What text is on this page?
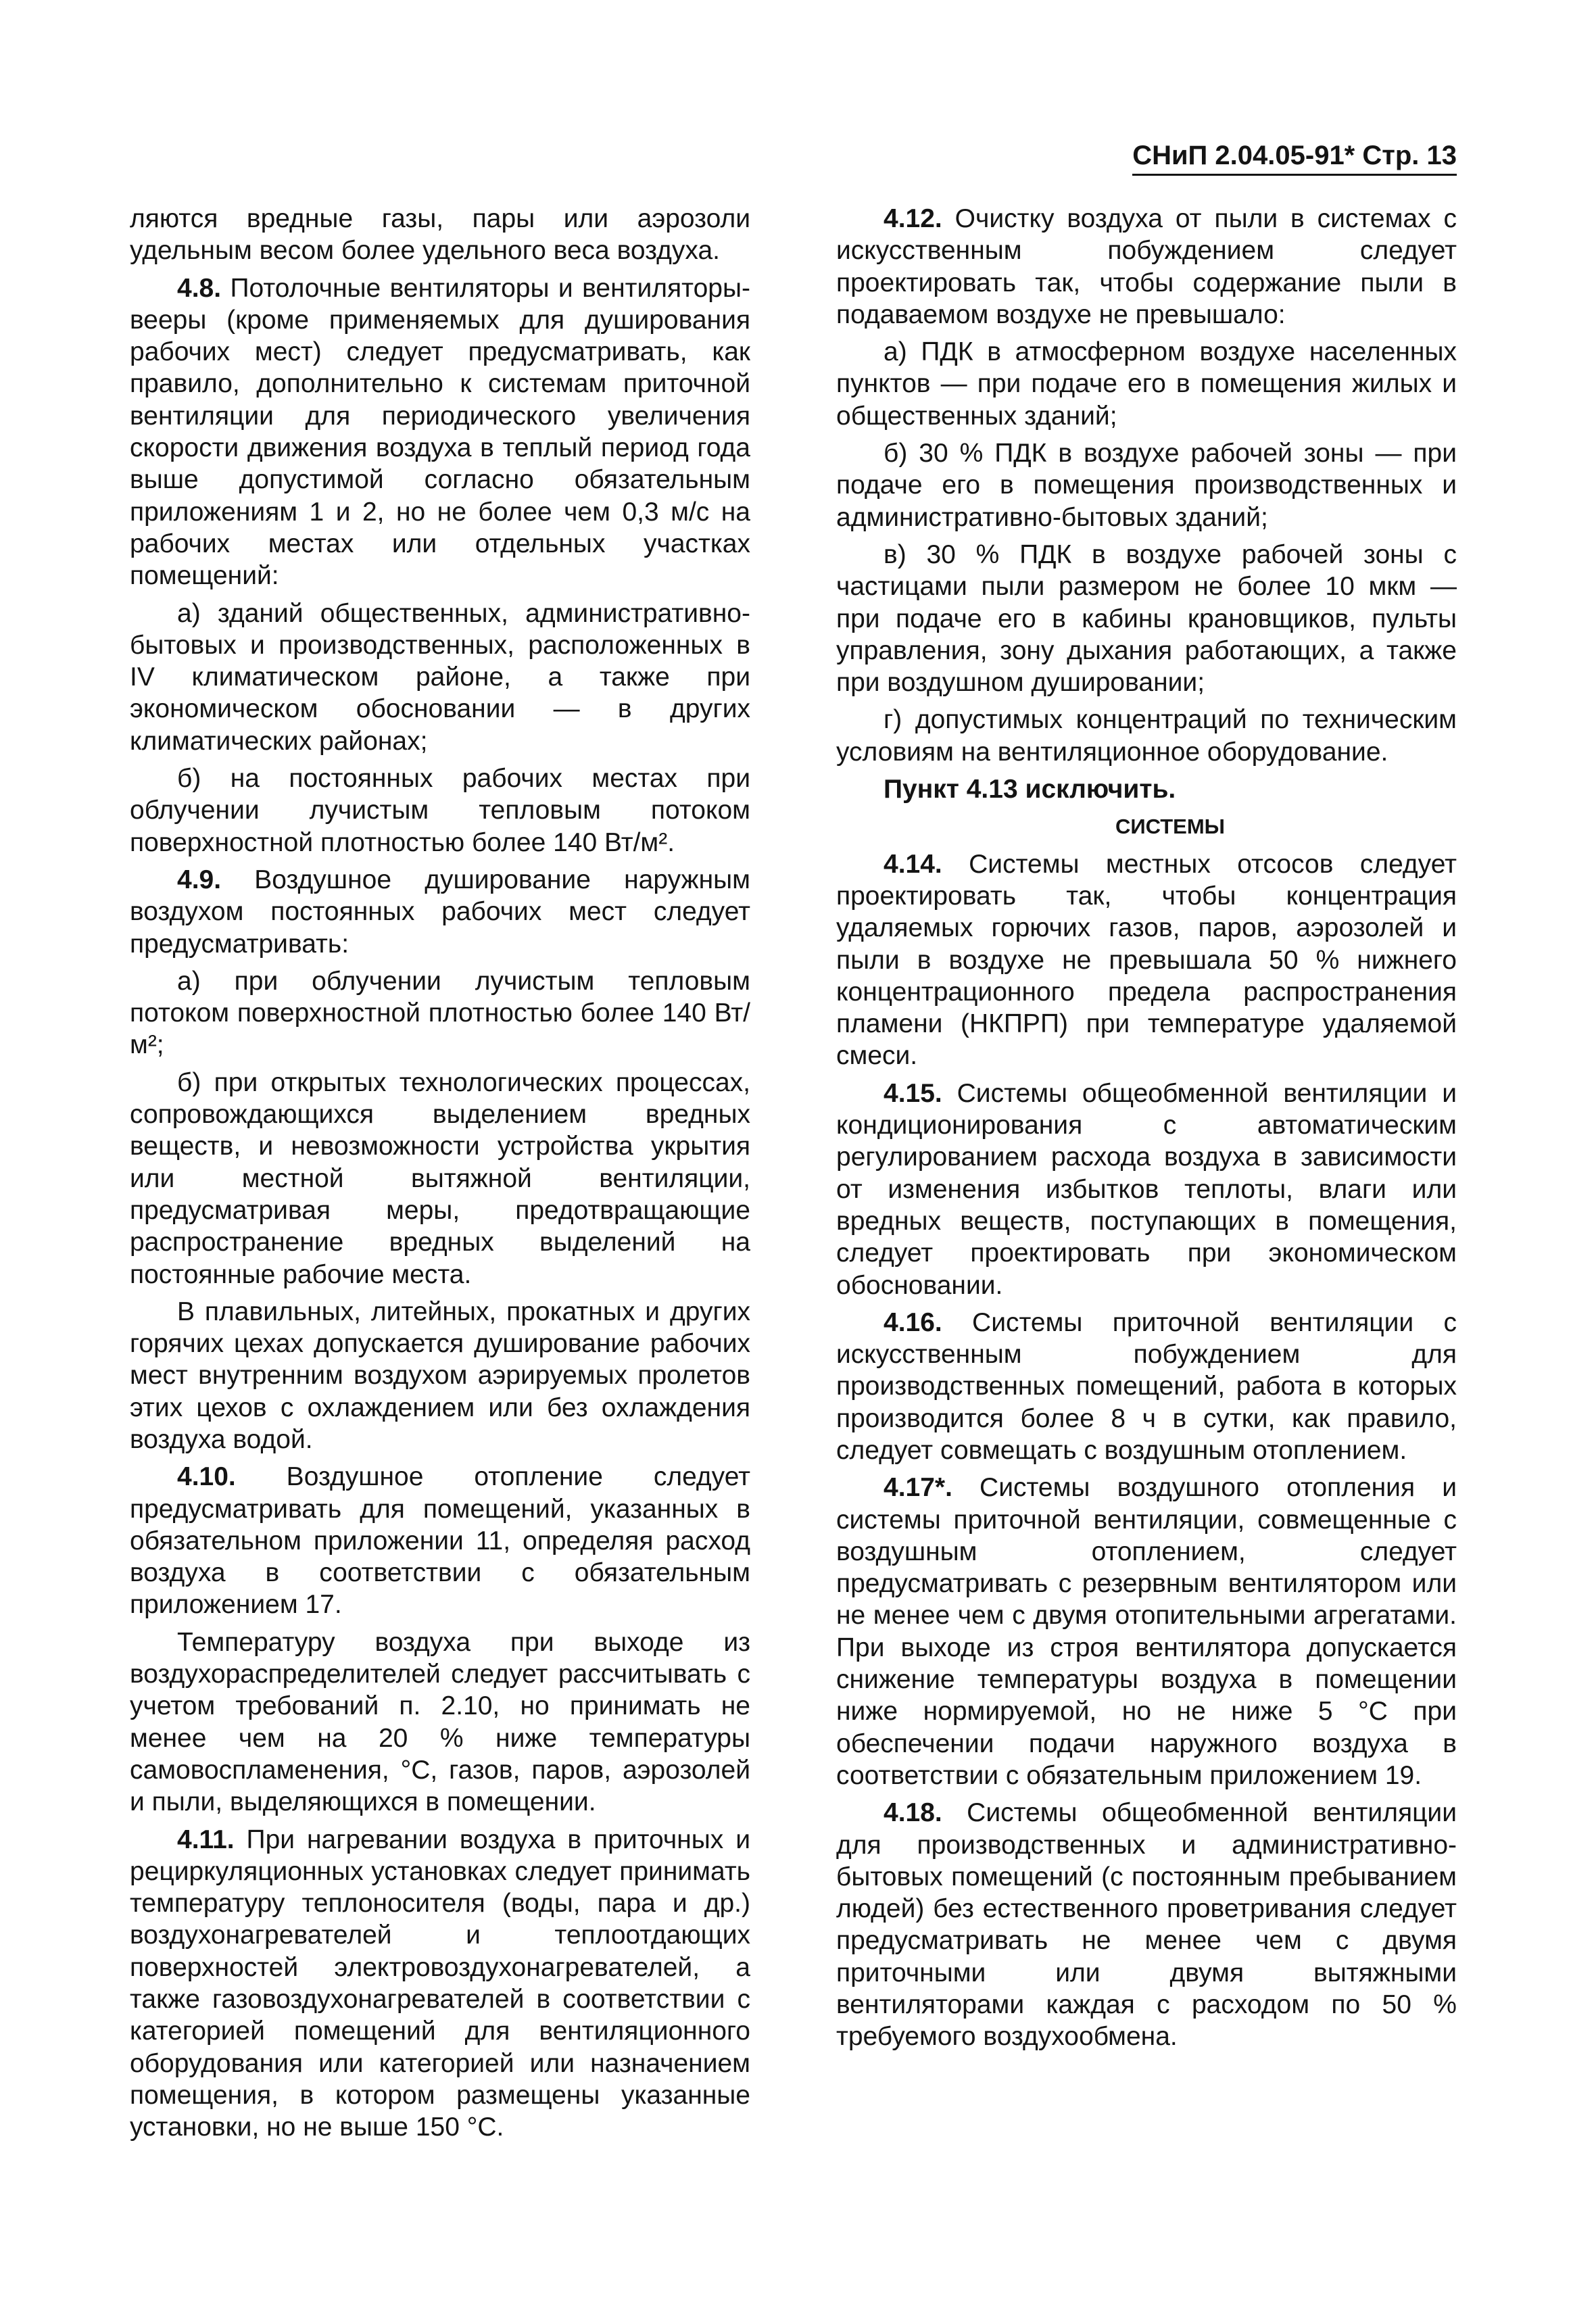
СНиП 2.04.05-91* Стр. 13

ляются вредные газы, пары или аэрозоли удельным весом более удельного веса воздуха.

4.8. Потолочные вентиляторы и вентиляторы-вееры (кроме применяемых для душирования рабочих мест) следует предусматривать, как правило, дополнительно к системам приточной вентиляции для периодического увеличения скорости движения воздуха в теплый период года выше допустимой согласно обязательным приложениям 1 и 2, но не более чем 0,3 м/с на рабочих местах или отдельных участках помещений:

а) зданий общественных, административно-бытовых и производственных, расположенных в IV климатическом районе, а также при экономическом обосновании — в других климатических районах;

б) на постоянных рабочих местах при облучении лучистым тепловым потоком поверхностной плотностью более 140 Вт/м².

4.9. Воздушное душирование наружным воздухом постоянных рабочих мест следует предусматривать:

а) при облучении лучистым тепловым потоком поверхностной плотностью более 140 Вт/м²;

б) при открытых технологических процессах, сопровождающихся выделением вредных веществ, и невозможности устройства укрытия или местной вытяжной вентиляции, предусматривая меры, предотвращающие распространение вредных выделений на постоянные рабочие места.

В плавильных, литейных, прокатных и других горячих цехах допускается душирование рабочих мест внутренним воздухом аэрируемых пролетов этих цехов с охлаждением или без охлаждения воздуха водой.

4.10. Воздушное отопление следует предусматривать для помещений, указанных в обязательном приложении 11, определяя расход воздуха в соответствии с обязательным приложением 17.

Температуру воздуха при выходе из воздухораспределителей следует рассчитывать с учетом требований п. 2.10, но принимать не менее чем на 20 % ниже температуры самовоспламенения, °С, газов, паров, аэрозолей и пыли, выделяющихся в помещении.

4.11. При нагревании воздуха в приточных и рециркуляционных установках следует принимать температуру теплоносителя (воды, пара и др.) воздухонагревателей и теплоотдающих поверхностей электровоздухонагревателей, а также газовоздухонагревателей в соответствии с категорией помещений для вентиляционного оборудования или категорией или назначением помещения, в котором размещены указанные установки, но не выше 150 °С.

4.12. Очистку воздуха от пыли в системах с искусственным побуждением следует проектировать так, чтобы содержание пыли в подаваемом воздухе не превышало:

а) ПДК в атмосферном воздухе населенных пунктов — при подаче его в помещения жилых и общественных зданий;

б) 30 % ПДК в воздухе рабочей зоны — при подаче его в помещения производственных и административно-бытовых зданий;

в) 30 % ПДК в воздухе рабочей зоны с частицами пыли размером не более 10 мкм — при подаче его в кабины крановщиков, пульты управления, зону дыхания работающих, а также при воздушном душировании;

г) допустимых концентраций по техническим условиям на вентиляционное оборудование.

Пункт 4.13 исключить.

СИСТЕМЫ

4.14. Системы местных отсосов следует проектировать так, чтобы концентрация удаляемых горючих газов, паров, аэрозолей и пыли в воздухе не превышала 50 % нижнего концентрационного предела распространения пламени (НКПРП) при температуре удаляемой смеси.

4.15. Системы общеобменной вентиляции и кондиционирования с автоматическим регулированием расхода воздуха в зависимости от изменения избытков теплоты, влаги или вредных веществ, поступающих в помещения, следует проектировать при экономическом обосновании.

4.16. Системы приточной вентиляции с искусственным побуждением для производственных помещений, работа в которых производится более 8 ч в сутки, как правило, следует совмещать с воздушным отоплением.

4.17*. Системы воздушного отопления и системы приточной вентиляции, совмещенные с воздушным отоплением, следует предусматривать с резервным вентилятором или не менее чем с двумя отопительными агрегатами. При выходе из строя вентилятора допускается снижение температуры воздуха в помещении ниже нормируемой, но не ниже 5 °С при обеспечении подачи наружного воздуха в соответствии с обязательным приложением 19.

4.18. Системы общеобменной вентиляции для производственных и административно-бытовых помещений (с постоянным пребыванием людей) без естественного проветривания следует предусматривать не менее чем с двумя приточными или двумя вытяжными вентиляторами каждая с расходом по 50 % требуемого воздухообмена.
